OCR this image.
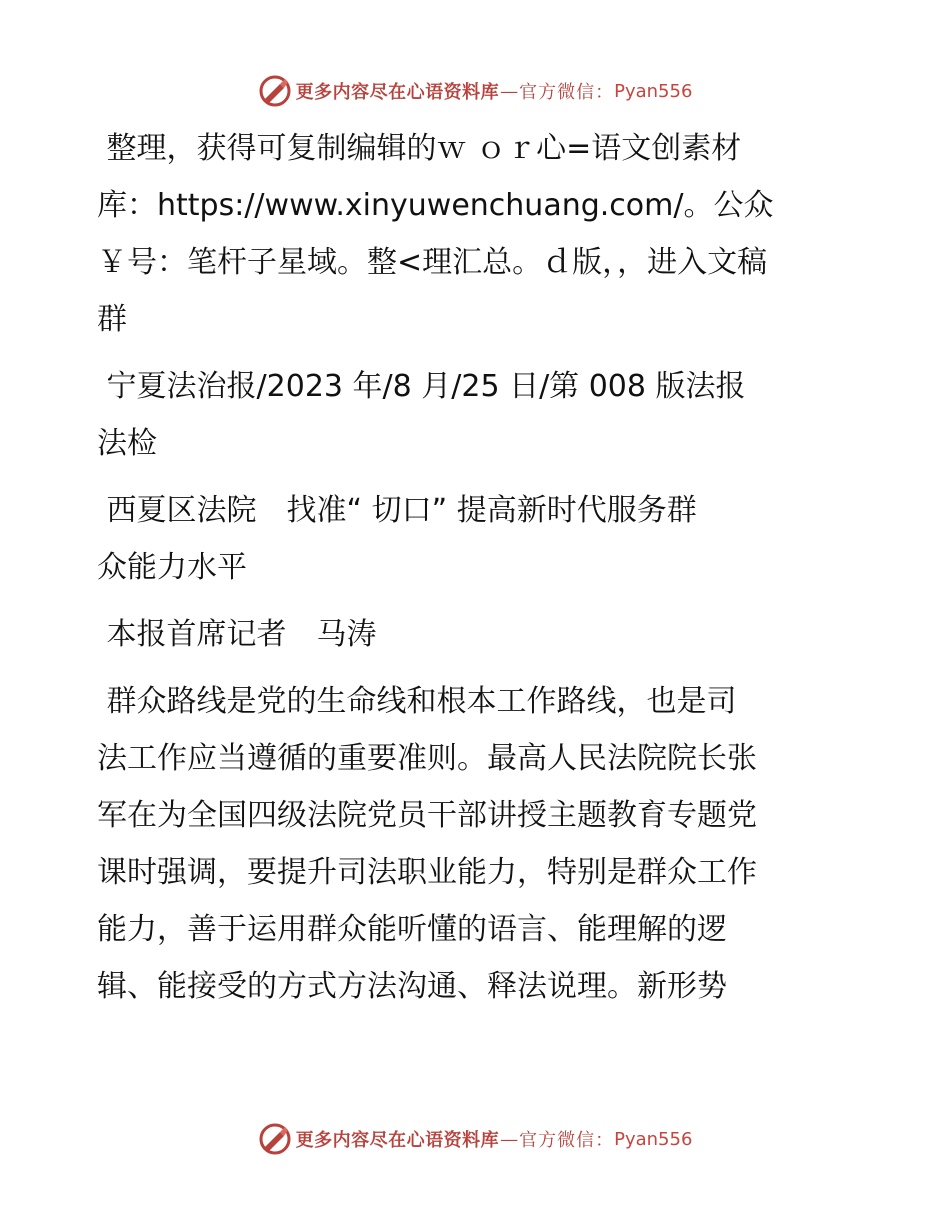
更多内容尽在心语资料库 — 官方微信： Pyan556

整理，获得可复制编辑的ｗ ｏｒ心=语文创素材
库：https://www.xinyuwenchuang.com/。公众
￥号：笔杆子星域。整<理汇总。ｄ版，，进入文稿
群

宁夏法治报/2023 年/8 月/25 日/第 008 版法报
法检

西夏区法院　找准“ 切口” 提高新时代服务群
众能力水平

本报首席记者　马涛

群众路线是党的生命线和根本工作路线，也是司
法工作应当遵循的重要准则。最高人民法院院长张
军在为全国四级法院党员干部讲授主题教育专题党
课时强调，要提升司法职业能力，特别是群众工作
能力，善于运用群众能听懂的语言、能理解的逻
辑、能接受的方式方法沟通、释法说理。新形势

更多内容尽在心语资料库 — 官方微信： Pyan556
